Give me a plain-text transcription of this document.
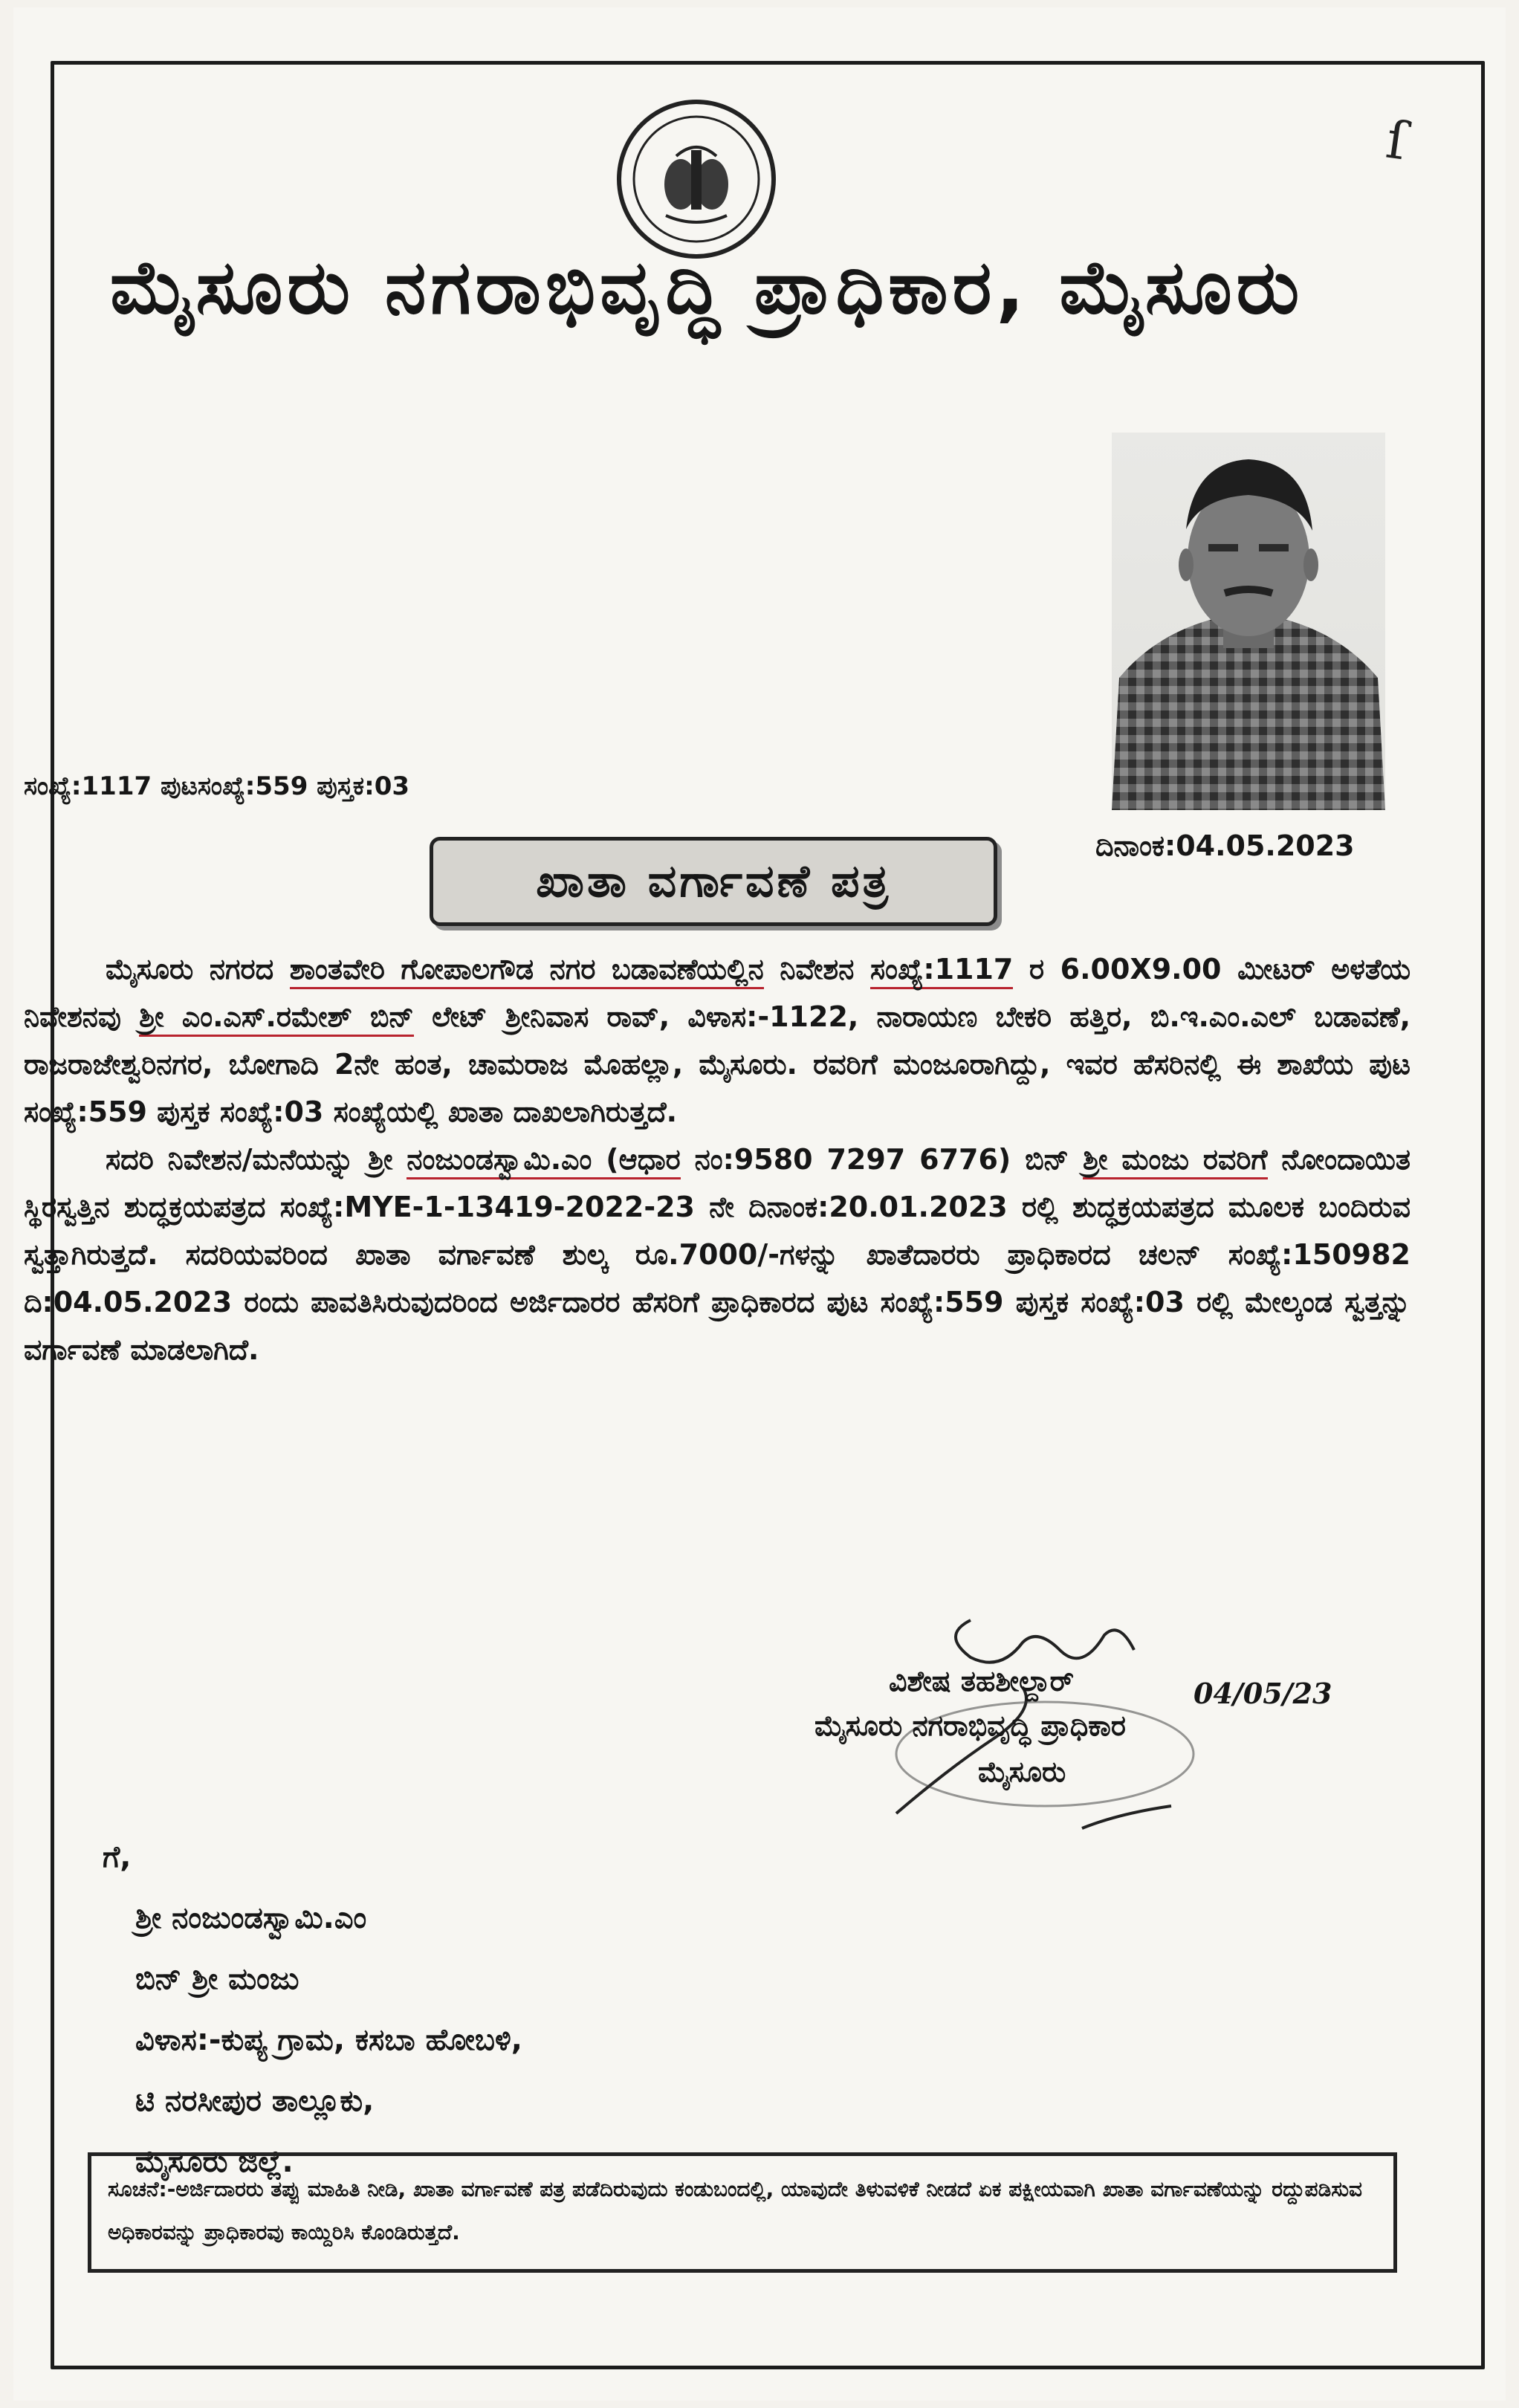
ſ
ಮೈಸೂರು ನಗರಾಭಿವೃದ್ಧಿ ಪ್ರಾಧಿಕಾರ, ಮೈಸೂರು
ಸಂಖ್ಯೆ:1117 ಪುಟಸಂಖ್ಯೆ:559 ಪುಸ್ತಕ:03
ದಿನಾಂಕ:04.05.2023
ಖಾತಾ ವರ್ಗಾವಣೆ ಪತ್ರ

ಮೈಸೂರು ನಗರದ ಶಾಂತವೇರಿ ಗೋಪಾಲಗೌಡ ನಗರ ಬಡಾವಣೆಯಲ್ಲಿನ ನಿವೇಶನ ಸಂಖ್ಯೆ:1117 ರ 6.00X9.00 ಮೀಟರ್ ಅಳತೆಯ ನಿವೇಶನವು ಶ್ರೀ ಎಂ.ಎಸ್.ರಮೇಶ್ ಬಿನ್ ಲೇಟ್ ಶ್ರೀನಿವಾಸ ರಾವ್, ವಿಳಾಸ:-1122, ನಾರಾಯಣ ಬೇಕರಿ ಹತ್ತಿರ, ಬಿ.ಇ.ಎಂ.ಎಲ್ ಬಡಾವಣೆ, ರಾಜರಾಜೇಶ್ವರಿನಗರ, ಬೋಗಾದಿ 2ನೇ ಹಂತ, ಚಾಮರಾಜ ಮೊಹಲ್ಲಾ, ಮೈಸೂರು. ರವರಿಗೆ ಮಂಜೂರಾಗಿದ್ದು, ಇವರ ಹೆಸರಿನಲ್ಲಿ ಈ ಶಾಖೆಯ ಪುಟ ಸಂಖ್ಯೆ:559 ಪುಸ್ತಕ ಸಂಖ್ಯೆ:03 ಸಂಖ್ಯೆಯಲ್ಲಿ ಖಾತಾ ದಾಖಲಾಗಿರುತ್ತದೆ.

ಸದರಿ ನಿವೇಶನ/ಮನೆಯನ್ನು ಶ್ರೀ ನಂಜುಂಡಸ್ವಾಮಿ.ಎಂ (ಆಧಾರ ನಂ:9580 7297 6776) ಬಿನ್ ಶ್ರೀ ಮಂಜು ರವರಿಗೆ ನೋಂದಾಯಿತ ಸ್ಥಿರಸ್ವತ್ತಿನ ಶುದ್ಧಕ್ರಯಪತ್ರದ ಸಂಖ್ಯೆ:MYE-1-13419-2022-23 ನೇ ದಿನಾಂಕ:20.01.2023 ರಲ್ಲಿ ಶುದ್ಧಕ್ರಯಪತ್ರದ ಮೂಲಕ ಬಂದಿರುವ ಸ್ವತ್ತಾಗಿರುತ್ತದೆ. ಸದರಿಯವರಿಂದ ಖಾತಾ ವರ್ಗಾವಣೆ ಶುಲ್ಕ ರೂ.7000/-ಗಳನ್ನು ಖಾತೆದಾರರು ಪ್ರಾಧಿಕಾರದ ಚಲನ್ ಸಂಖ್ಯೆ:150982 ದಿ:04.05.2023 ರಂದು ಪಾವತಿಸಿರುವುದರಿಂದ ಅರ್ಜಿದಾರರ ಹೆಸರಿಗೆ ಪ್ರಾಧಿಕಾರದ ಪುಟ ಸಂಖ್ಯೆ:559 ಪುಸ್ತಕ ಸಂಖ್ಯೆ:03 ರಲ್ಲಿ ಮೇಲ್ಕಂಡ ಸ್ವತ್ತನ್ನು ವರ್ಗಾವಣೆ ಮಾಡಲಾಗಿದೆ.

ವಿಶೇಷ ತಹಶೀಲ್ದಾರ್
ಮೈಸೂರು ನಗರಾಭಿವೃದ್ಧಿ ಪ್ರಾಧಿಕಾರ
ಮೈಸೂರು
04/05/23
ಗೆ,
ಶ್ರೀ ನಂಜುಂಡಸ್ವಾಮಿ.ಎಂ
ಬಿನ್ ಶ್ರೀ ಮಂಜು
ವಿಳಾಸ:-ಕುಪ್ಯ ಗ್ರಾಮ, ಕಸಬಾ ಹೋಬಳಿ,
ಟಿ ನರಸೀಪುರ ತಾಲ್ಲೂಕು,
ಮೈಸೂರು ಜಿಲ್ಲೆ.
ಸೂಚನೆ:-ಅರ್ಜಿದಾರರು ತಪ್ಪು ಮಾಹಿತಿ ನೀಡಿ, ಖಾತಾ ವರ್ಗಾವಣೆ ಪತ್ರ ಪಡೆದಿರುವುದು ಕಂಡುಬಂದಲ್ಲಿ, ಯಾವುದೇ ತಿಳುವಳಿಕೆ ನೀಡದೆ ಏಕ ಪಕ್ಷೀಯವಾಗಿ ಖಾತಾ ವರ್ಗಾವಣೆಯನ್ನು ರದ್ದುಪಡಿಸುವ ಅಧಿಕಾರವನ್ನು ಪ್ರಾಧಿಕಾರವು ಕಾಯ್ದಿರಿಸಿ ಕೊಂಡಿರುತ್ತದೆ.
